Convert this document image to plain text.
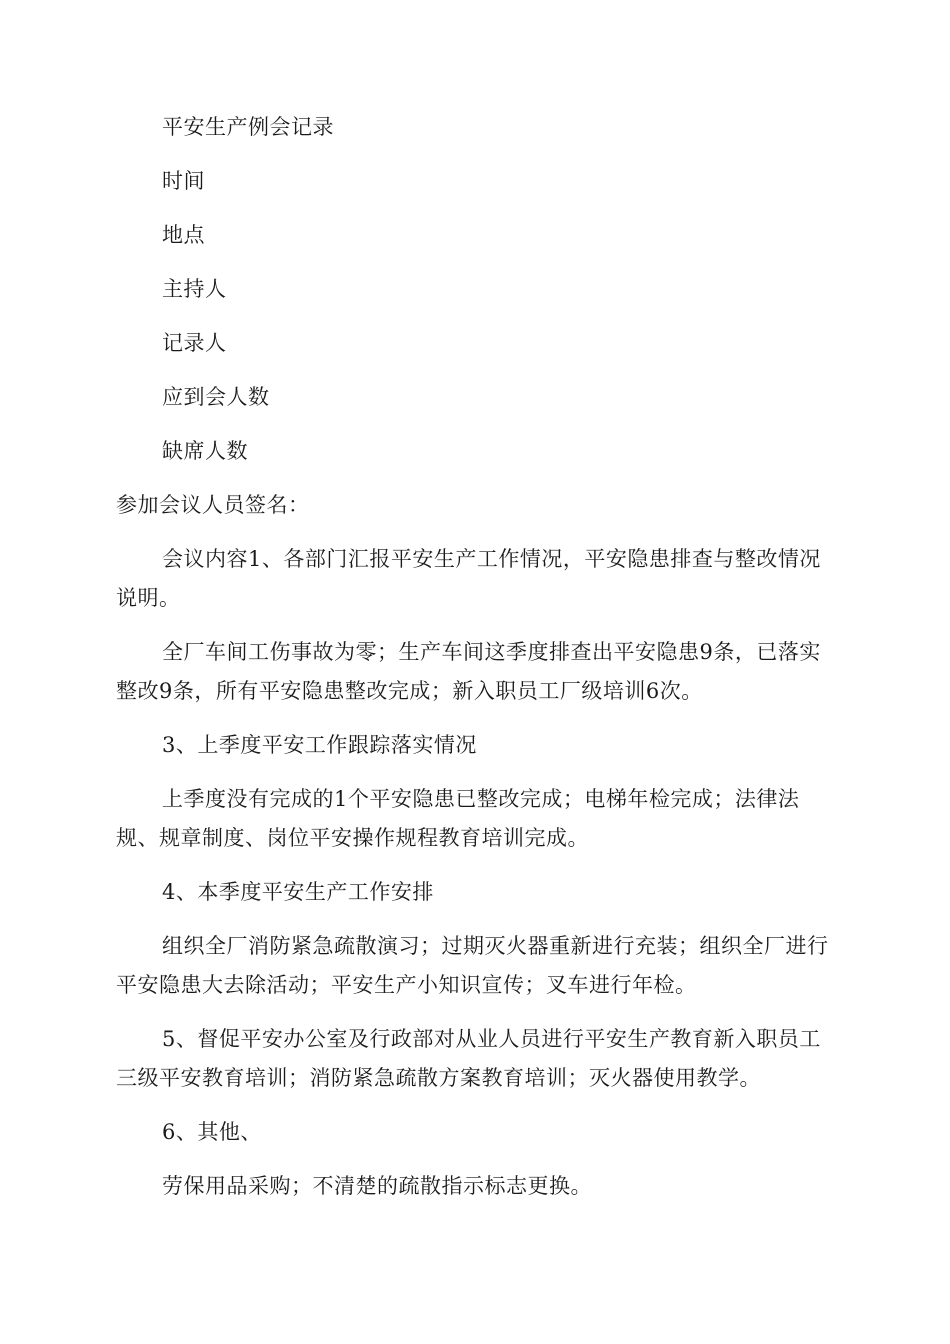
平安生产例会记录

时间

地点

主持人

记录人

应到会人数

缺席人数

参加会议人员签名：

会议内容1、各部门汇报平安生产工作情况，平安隐患排查与整改情况说明。

全厂车间工伤事故为零；生产车间这季度排查出平安隐患9条，已落实整改9条，所有平安隐患整改完成；新入职员工厂级培训6次。

3、上季度平安工作跟踪落实情况

上季度没有完成的1个平安隐患已整改完成；电梯年检完成；法律法规、规章制度、岗位平安操作规程教育培训完成。

4、本季度平安生产工作安排

组织全厂消防紧急疏散演习；过期灭火器重新进行充装；组织全厂进行平安隐患大去除活动；平安生产小知识宣传；叉车进行年检。

5、督促平安办公室及行政部对从业人员进行平安生产教育新入职员工三级平安教育培训；消防紧急疏散方案教育培训；灭火器使用教学。

6、其他、

劳保用品采购；不清楚的疏散指示标志更换。
